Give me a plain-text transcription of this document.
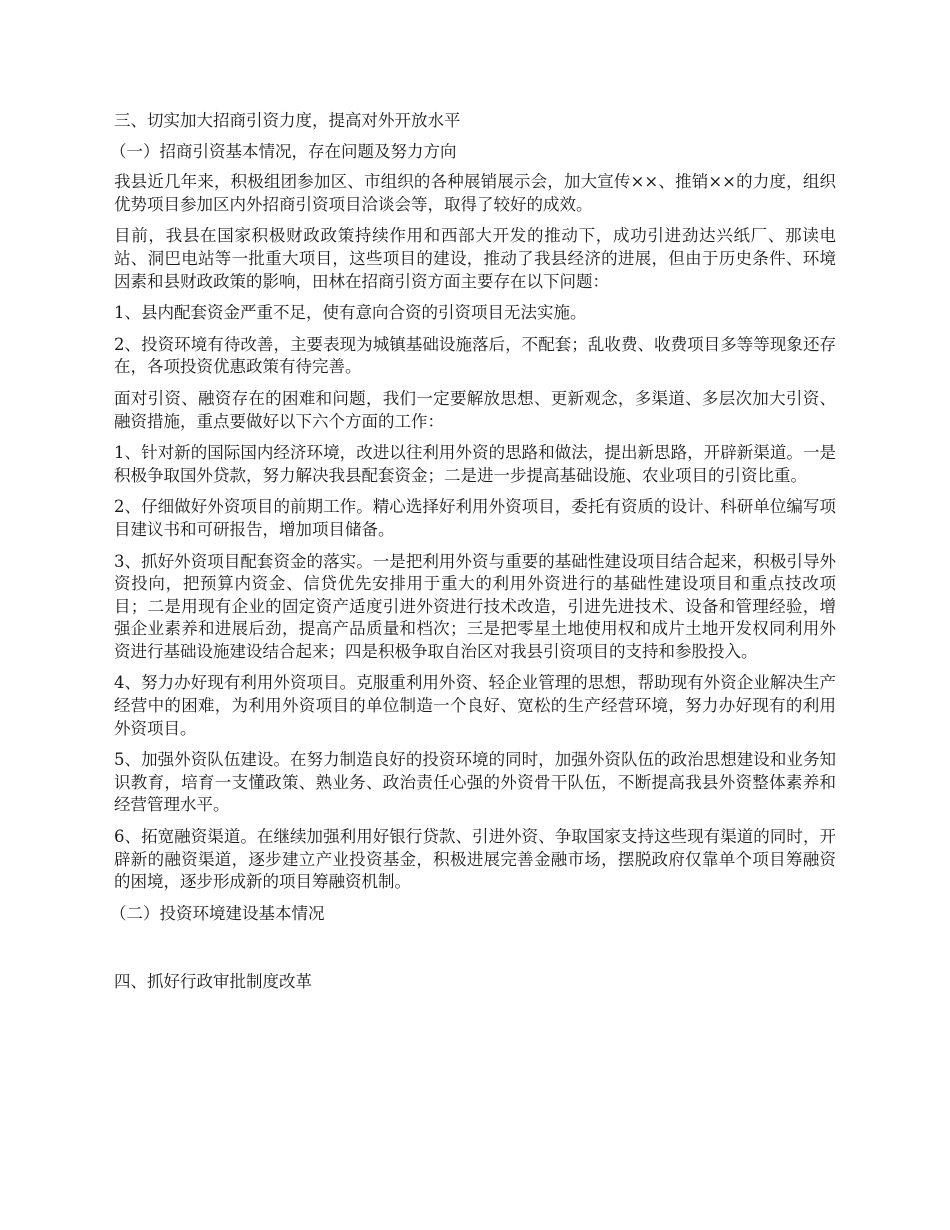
三、切实加大招商引资力度，提高对外开放水平

（一）招商引资基本情况，存在问题及努力方向

我县近几年来，积极组团参加区、市组织的各种展销展示会，加大宣传××、推销××的力度，组织优势项目参加区内外招商引资项目洽谈会等，取得了较好的成效。

目前，我县在国家积极财政政策持续作用和西部大开发的推动下，成功引进劲达兴纸厂、那读电站、洞巴电站等一批重大项目，这些项目的建设，推动了我县经济的进展，但由于历史条件、环境因素和县财政政策的影响，田林在招商引资方面主要存在以下问题：

1、县内配套资金严重不足，使有意向合资的引资项目无法实施。

2、投资环境有待改善，主要表现为城镇基础设施落后，不配套；乱收费、收费项目多等等现象还存在，各项投资优惠政策有待完善。

面对引资、融资存在的困难和问题，我们一定要解放思想、更新观念，多渠道、多层次加大引资、融资措施，重点要做好以下六个方面的工作：

1、针对新的国际国内经济环境，改进以往利用外资的思路和做法，提出新思路，开辟新渠道。一是积极争取国外贷款，努力解决我县配套资金；二是进一步提高基础设施、农业项目的引资比重。

2、仔细做好外资项目的前期工作。精心选择好利用外资项目，委托有资质的设计、科研单位编写项目建议书和可研报告，增加项目储备。

3、抓好外资项目配套资金的落实。一是把利用外资与重要的基础性建设项目结合起来，积极引导外资投向，把预算内资金、信贷优先安排用于重大的利用外资进行的基础性建设项目和重点技改项目；二是用现有企业的固定资产适度引进外资进行技术改造，引进先进技术、设备和管理经验，增强企业素养和进展后劲，提高产品质量和档次；三是把零星土地使用权和成片土地开发权同利用外资进行基础设施建设结合起来；四是积极争取自治区对我县引资项目的支持和参股投入。

4、努力办好现有利用外资项目。克服重利用外资、轻企业管理的思想，帮助现有外资企业解决生产经营中的困难，为利用外资项目的单位制造一个良好、宽松的生产经营环境，努力办好现有的利用外资项目。

5、加强外资队伍建设。在努力制造良好的投资环境的同时，加强外资队伍的政治思想建设和业务知识教育，培育一支懂政策、熟业务、政治责任心强的外资骨干队伍，不断提高我县外资整体素养和经营管理水平。

6、拓宽融资渠道。在继续加强利用好银行贷款、引进外资、争取国家支持这些现有渠道的同时，开辟新的融资渠道，逐步建立产业投资基金，积极进展完善金融市场，摆脱政府仅靠单个项目筹融资的困境，逐步形成新的项目筹融资机制。

（二）投资环境建设基本情况

四、抓好行政审批制度改革
